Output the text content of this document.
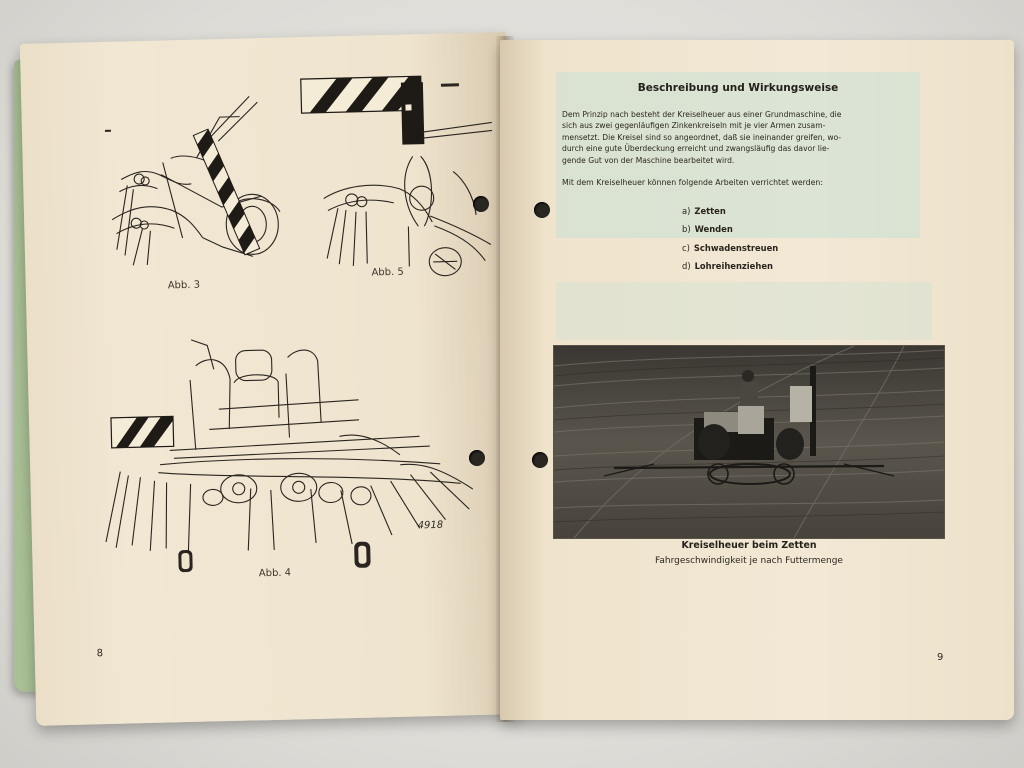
Abb. 3
Abb. 5
4918
Abb. 4
8
Beschreibung und Wirkungsweise
Dem Prinzip nach besteht der Kreiselheuer aus einer Grundmaschine, die
sich aus zwei gegenläufigen Zinkenkreiseln mit je vier Armen zusam-
mensetzt. Die Kreisel sind so angeordnet, daß sie ineinander greifen, wo-
durch eine gute Überdeckung erreicht und zwangsläufig das davor lie-
gende Gut von der Maschine bearbeitet wird.
Mit dem Kreiselheuer können folgende Arbeiten verrichtet werden:
a) Zetten
b) Wenden
c) Schwadenstreuen
d) Lohreihenziehen
Kreiselheuer beim Zetten
Fahrgeschwindigkeit je nach Futtermenge
9
